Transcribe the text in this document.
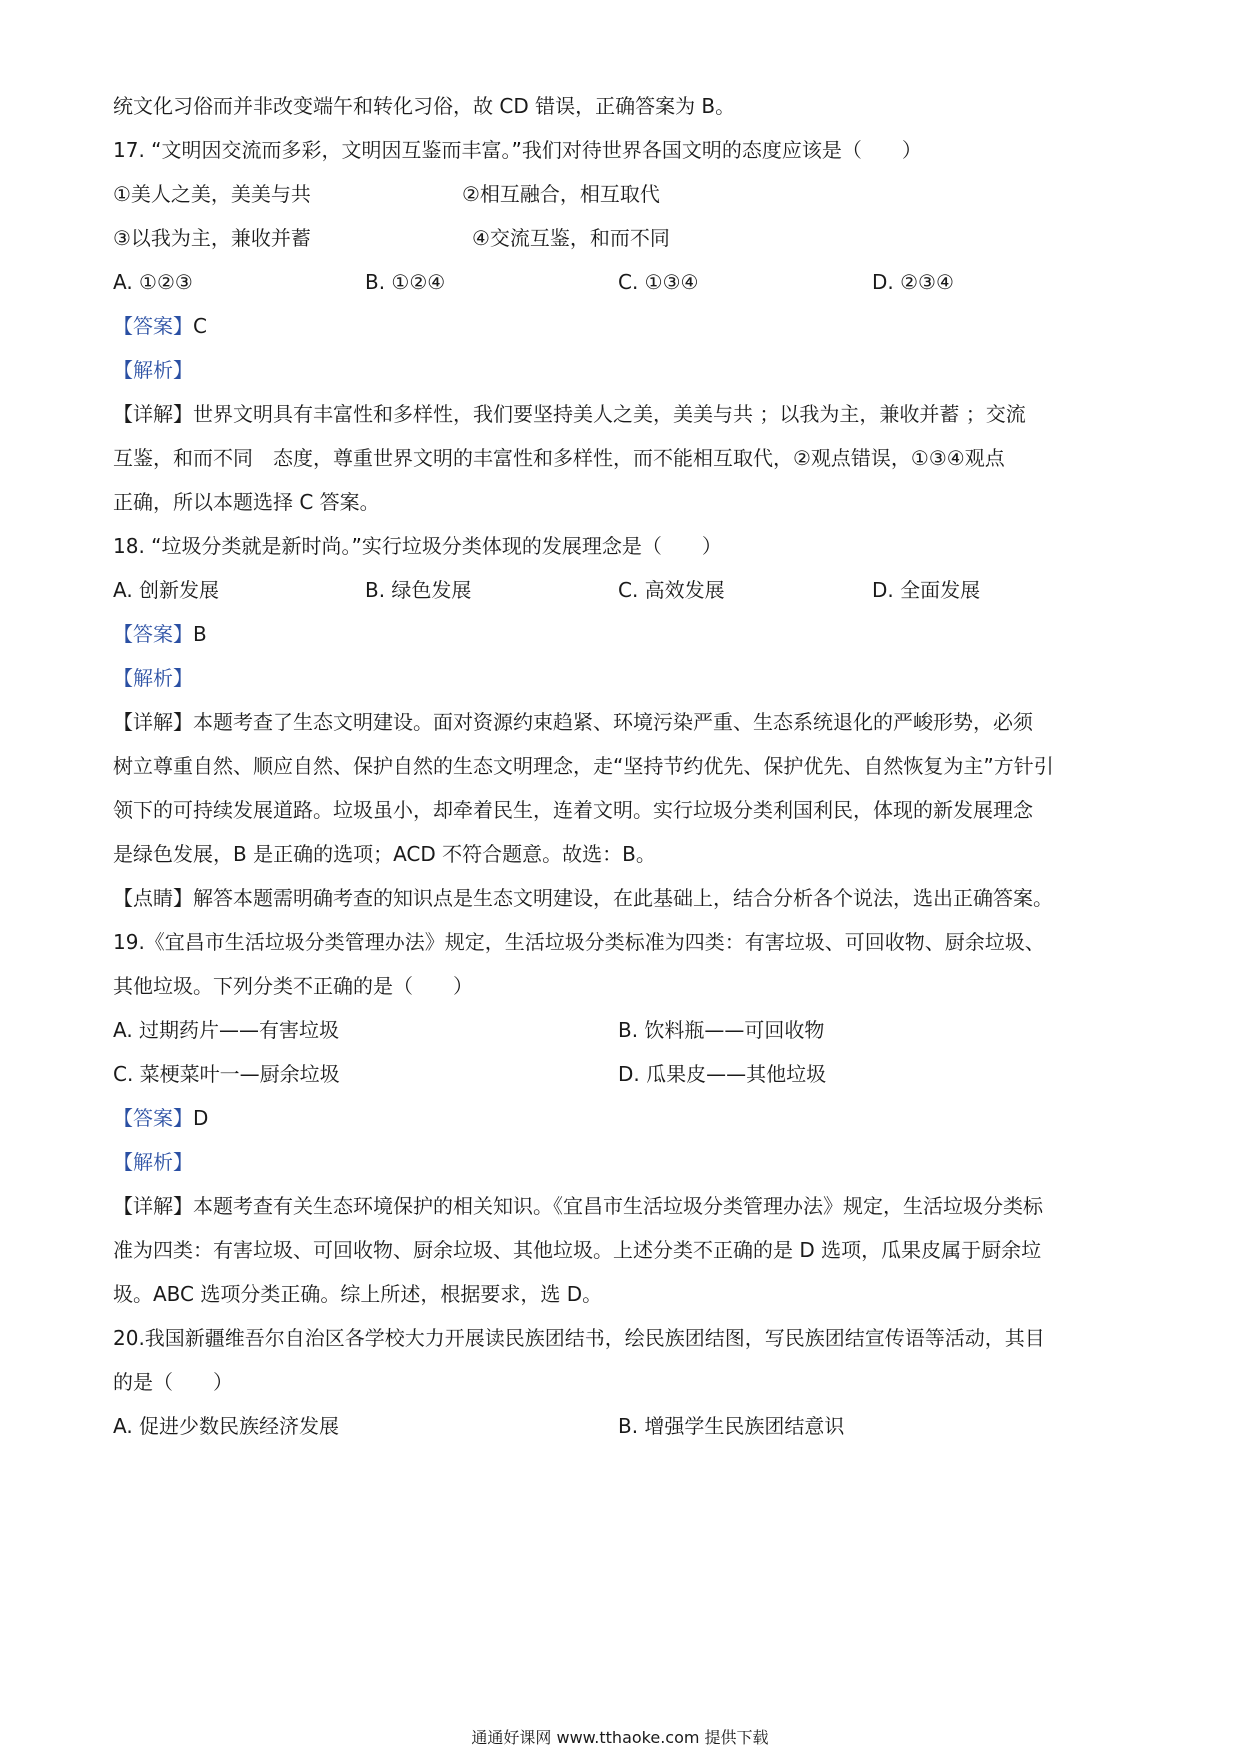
统文化习俗而并非改变端午和转化习俗，故 CD 错误，正确答案为 B。
17. “文明因交流而多彩，文明因互鉴而丰富。”我们对待世界各国文明的态度应该是（　　）
①美人之美，美美与共	②相互融合，相互取代
③以我为主，兼收并蓄	④交流互鉴，和而不同
A. ①②③	B. ①②④	C. ①③④	D. ②③④
【答案】C
【解析】
【详解】世界文明具有丰富性和多样性，我们要坚持美人之美，美美与共 ；以我为主，兼收并蓄 ；交流
互鉴，和而不同　态度，尊重世界文明的丰富性和多样性，而不能相互取代，②观点错误，①③④观点
正确，所以本题选择 C 答案。
18. “垃圾分类就是新时尚。”实行垃圾分类体现的发展理念是（　　）
A. 创新发展	B. 绿色发展	C. 高效发展	D. 全面发展
【答案】B
【解析】
【详解】本题考查了生态文明建设。面对资源约束趋紧、环境污染严重、生态系统退化的严峻形势，必须
树立尊重自然、顺应自然、保护自然的生态文明理念，走“坚持节约优先、保护优先、自然恢复为主”方针引
领下的可持续发展道路。垃圾虽小，却牵着民生，连着文明。实行垃圾分类利国利民，体现的新发展理念
是绿色发展，B 是正确的选项；ACD 不符合题意。故选：B。
【点睛】解答本题需明确考查的知识点是生态文明建设，在此基础上，结合分析各个说法，选出正确答案。
19.《宜昌市生活垃圾分类管理办法》规定，生活垃圾分类标准为四类：有害垃圾、可回收物、厨余垃圾、
其他垃圾。下列分类不正确的是（　　）
A. 过期药片——有害垃圾	B. 饮料瓶——可回收物
C. 菜梗菜叶一—厨余垃圾	D. 瓜果皮——其他垃圾
【答案】D
【解析】
【详解】本题考查有关生态环境保护的相关知识。《宜昌市生活垃圾分类管理办法》规定，生活垃圾分类标
准为四类：有害垃圾、可回收物、厨余垃圾、其他垃圾。上述分类不正确的是 D 选项，瓜果皮属于厨余垃
圾。ABC 选项分类正确。综上所述，根据要求，选 D。
20.我国新疆维吾尔自治区各学校大力开展读民族团结书，绘民族团结图，写民族团结宣传语等活动，其目
的是（　　）
A. 促进少数民族经济发展	B. 增强学生民族团结意识
通通好课网 www.tthaoke.com 提供下载
